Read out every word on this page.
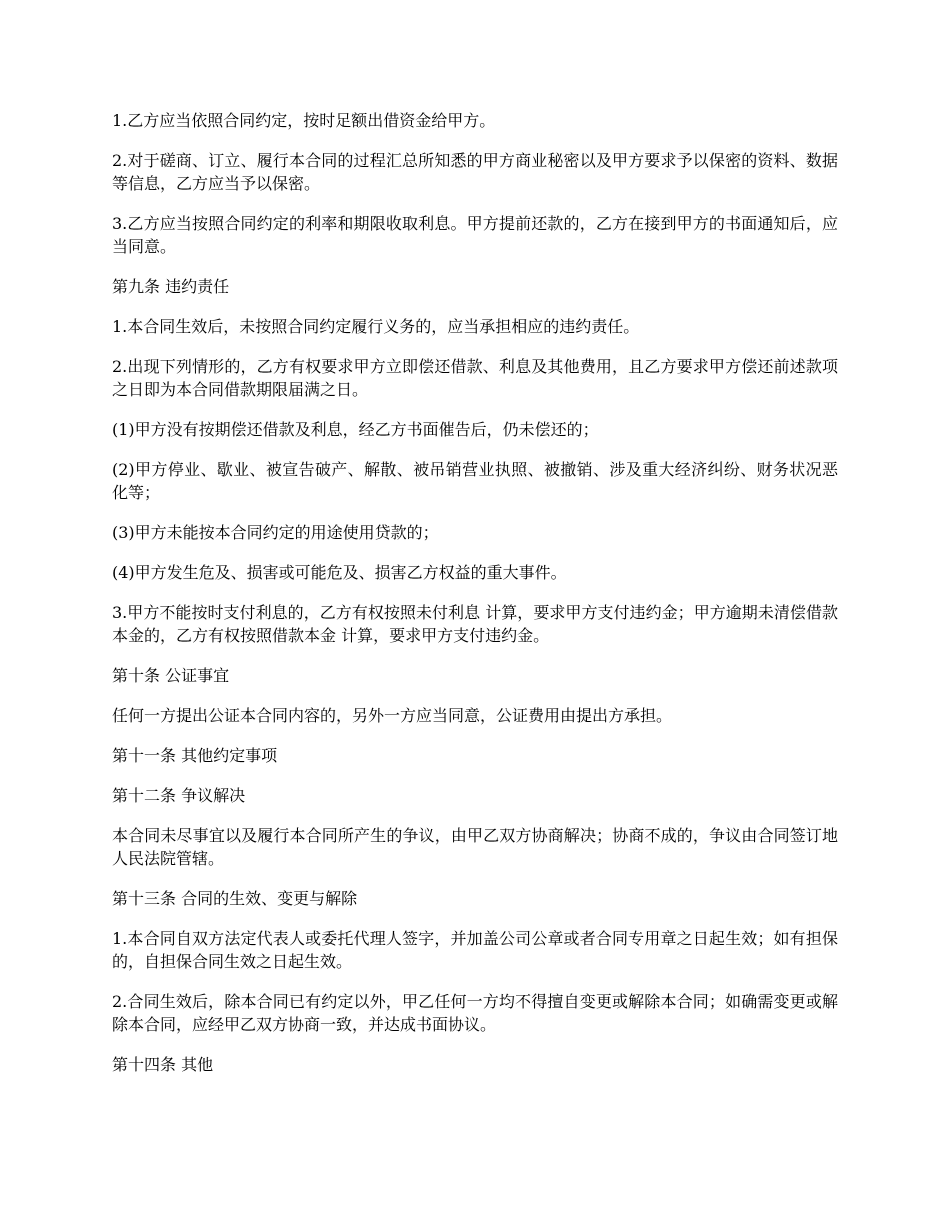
1.乙方应当依照合同约定，按时足额出借资金给甲方。

2.对于磋商、订立、履行本合同的过程汇总所知悉的甲方商业秘密以及甲方要求予以保密的资料、数据等信息，乙方应当予以保密。

3.乙方应当按照合同约定的利率和期限收取利息。甲方提前还款的，乙方在接到甲方的书面通知后，应当同意。

第九条 违约责任

1.本合同生效后，未按照合同约定履行义务的，应当承担相应的违约责任。

2.出现下列情形的，乙方有权要求甲方立即偿还借款、利息及其他费用，且乙方要求甲方偿还前述款项之日即为本合同借款期限届满之日。

(1)甲方没有按期偿还借款及利息，经乙方书面催告后，仍未偿还的；

(2)甲方停业、歇业、被宣告破产、解散、被吊销营业执照、被撤销、涉及重大经济纠纷、财务状况恶化等；

(3)甲方未能按本合同约定的用途使用贷款的；

(4)甲方发生危及、损害或可能危及、损害乙方权益的重大事件。

3.甲方不能按时支付利息的，乙方有权按照未付利息 计算，要求甲方支付违约金；甲方逾期未清偿借款本金的，乙方有权按照借款本金 计算，要求甲方支付违约金。

第十条 公证事宜

任何一方提出公证本合同内容的，另外一方应当同意，公证费用由提出方承担。

第十一条 其他约定事项

第十二条 争议解决

本合同未尽事宜以及履行本合同所产生的争议，由甲乙双方协商解决；协商不成的，争议由合同签订地人民法院管辖。

第十三条 合同的生效、变更与解除

1.本合同自双方法定代表人或委托代理人签字，并加盖公司公章或者合同专用章之日起生效；如有担保的，自担保合同生效之日起生效。

2.合同生效后，除本合同已有约定以外，甲乙任何一方均不得擅自变更或解除本合同；如确需变更或解除本合同，应经甲乙双方协商一致，并达成书面协议。

第十四条 其他
